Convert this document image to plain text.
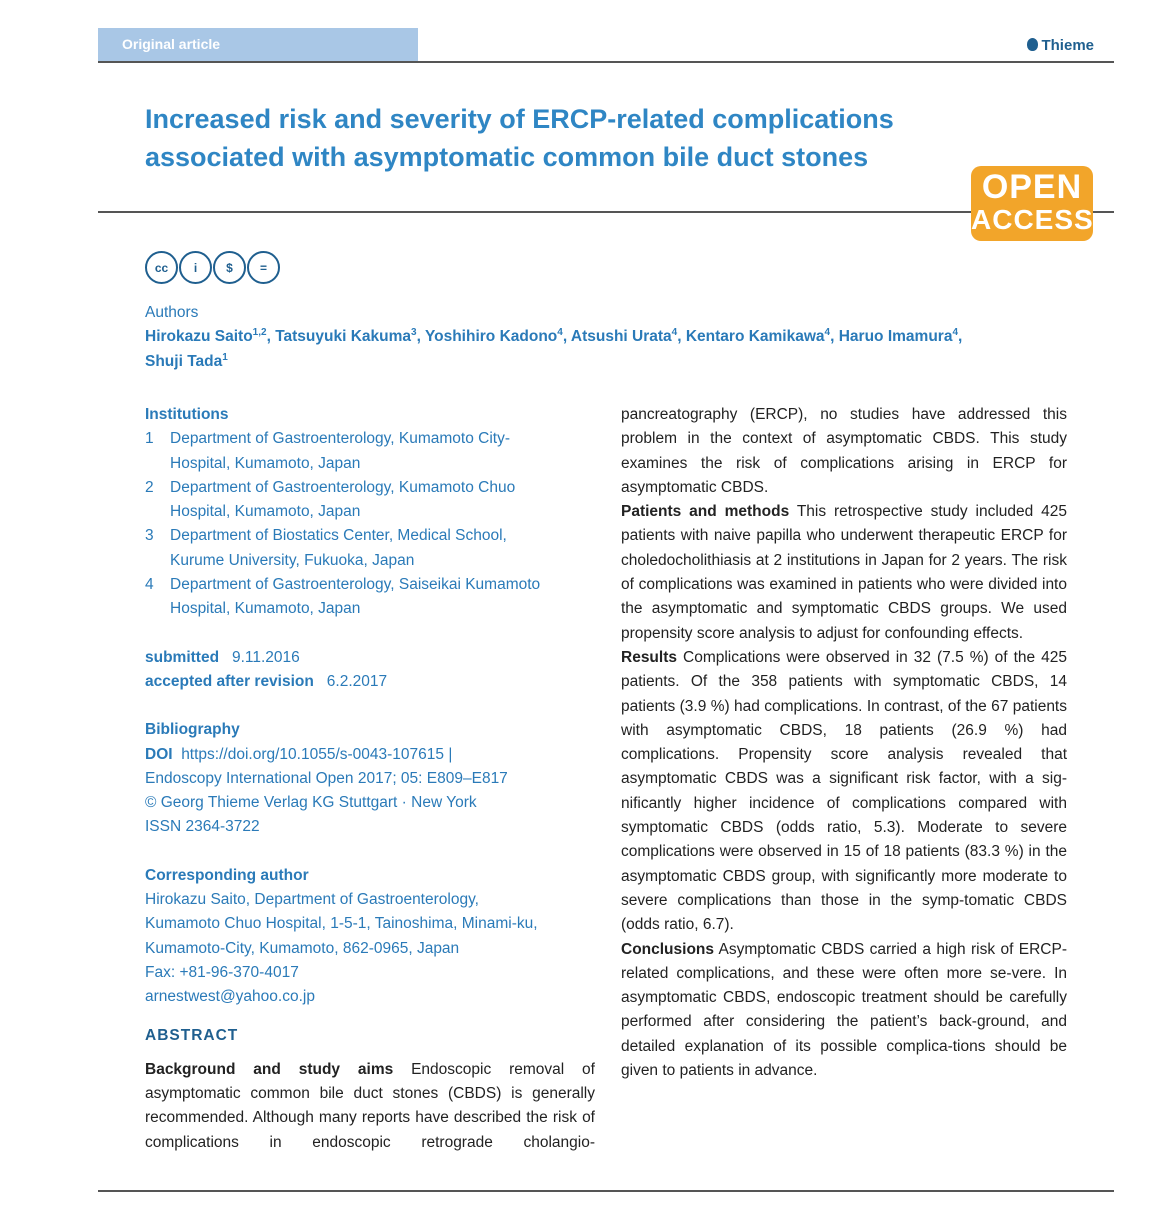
Original article	Thieme
Increased risk and severity of ERCP-related complications
associated with asymptomatic common bile duct stones
OPEN
ACCESS
cc	i	$	=
Authors
Hirokazu Saito$^{1,2}$, Tatsuyuki Kakuma$^3$, Yoshihiro Kadono$^4$, Atsushi Urata$^4$, Kentaro Kamikawa$^4$, Haruo Imamura$^4$,
Shuji Tada$^1$
Institutions
1	Department of Gastroenterology, Kumamoto City-
Hospital, Kumamoto, Japan
2	Department of Gastroenterology, Kumamoto Chuo
Hospital, Kumamoto, Japan
3	Department of Biostatics Center, Medical School,
Kurume University, Fukuoka, Japan
4	Department of Gastroenterology, Saiseikai Kumamoto
Hospital, Kumamoto, Japan
submitted 9.11.2016
accepted after revision 6.2.2017
Bibliography
DOI https://doi.org/10.1055/s-0043-107615 |
Endoscopy International Open 2017; 05: E809–E817
© Georg Thieme Verlag KG Stuttgart · New York
ISSN 2364-3722
Corresponding author
Hirokazu Saito, Department of Gastroenterology,
Kumamoto Chuo Hospital, 1-5-1, Tainoshima, Minami-ku,
Kumamoto-City, Kumamoto, 862-0965, Japan
Fax: +81-96-370-4017
arnestwest@yahoo.co.jp
ABSTRACT
Background and study aims Endoscopic removal of asymptomatic common bile duct stones (CBDS) is generally recommended. Although many reports have described the risk of complications in endoscopic retrograde cholangio-
pancreatography (ERCP), no studies have addressed this problem in the context of asymptomatic CBDS. This study examines the risk of complications arising in ERCP for asymptomatic CBDS.
Patients and methods This retrospective study included 425 patients with naive papilla who underwent therapeutic ERCP for choledocholithiasis at 2 institutions in Japan for 2 years. The risk of complications was examined in patients who were divided into the asymptomatic and symptomatic CBDS groups. We used propensity score analysis to adjust for confounding effects.
Results Complications were observed in 32 (7.5 %) of the 425 patients. Of the 358 patients with symptomatic CBDS, 14 patients (3.9 %) had complications. In contrast, of the 67 patients with asymptomatic CBDS, 18 patients (26.9 %) had complications. Propensity score analysis revealed that asymptomatic CBDS was a significant risk factor, with a sig-nificantly higher incidence of complications compared with symptomatic CBDS (odds ratio, 5.3). Moderate to severe complications were observed in 15 of 18 patients (83.3 %) in the asymptomatic CBDS group, with significantly more moderate to severe complications than those in the symp-tomatic CBDS (odds ratio, 6.7).
Conclusions Asymptomatic CBDS carried a high risk of ERCP-related complications, and these were often more se-vere. In asymptomatic CBDS, endoscopic treatment should be carefully performed after considering the patient’s back-ground, and detailed explanation of its possible complica-tions should be given to patients in advance.
